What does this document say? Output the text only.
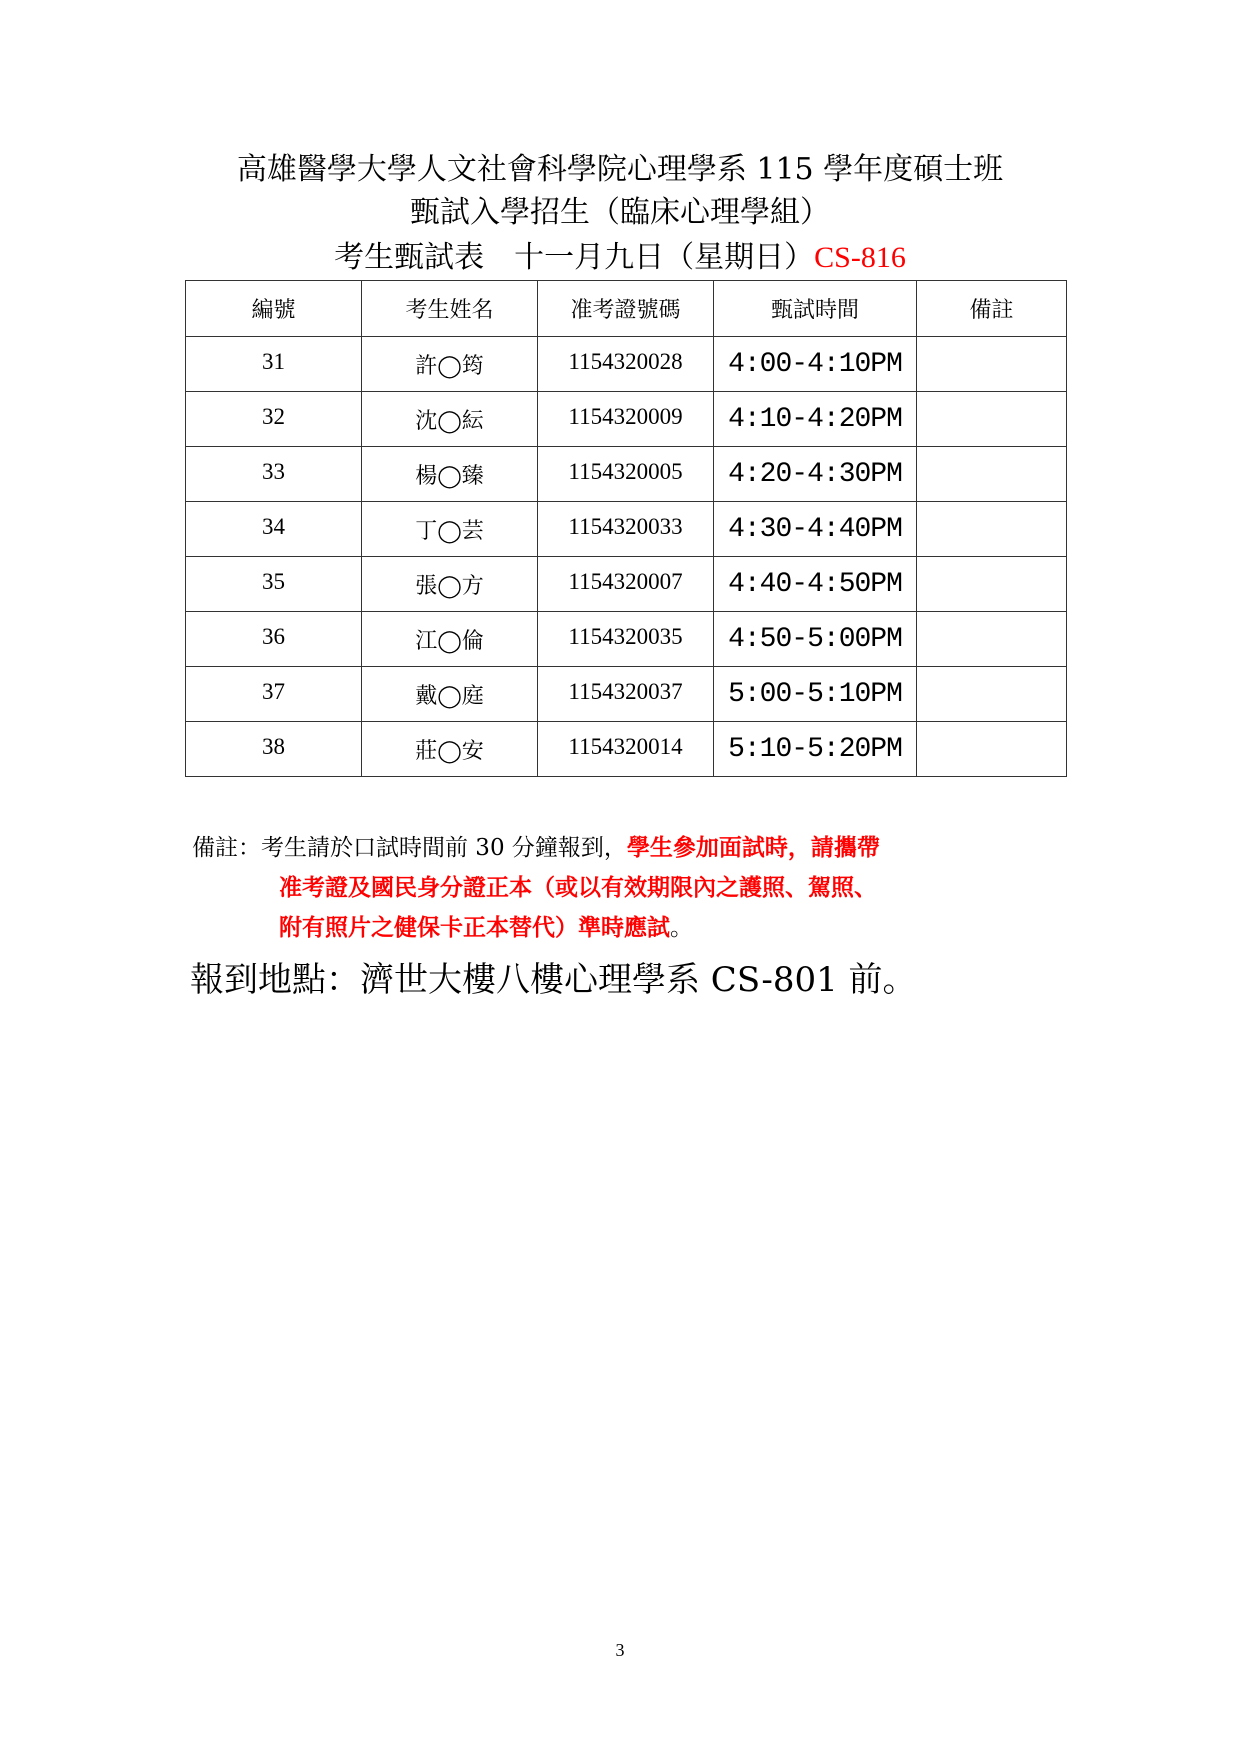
高雄醫學大學人文社會科學院心理學系 115 學年度碩士班
甄試入學招生（臨床心理學組）
考生甄試表　十一月九日（星期日）CS-816
編號	考生姓名	准考證號碼	甄試時間	備註
31	許◯筠	1154320028	4:00-4:10PM	
32	沈◯紜	1154320009	4:10-4:20PM	
33	楊◯臻	1154320005	4:20-4:30PM	
34	丁◯芸	1154320033	4:30-4:40PM	
35	張◯方	1154320007	4:40-4:50PM	
36	江◯倫	1154320035	4:50-5:00PM	
37	戴◯庭	1154320037	5:00-5:10PM	
38	莊◯安	1154320014	5:10-5:20PM	
備註：考生請於口試時間前 30 分鐘報到，學生參加面試時，請攜帶
准考證及國民身分證正本（或以有效期限內之護照、駕照、
附有照片之健保卡正本替代）準時應試。
報到地點：濟世大樓八樓心理學系 CS-801 前。
3
